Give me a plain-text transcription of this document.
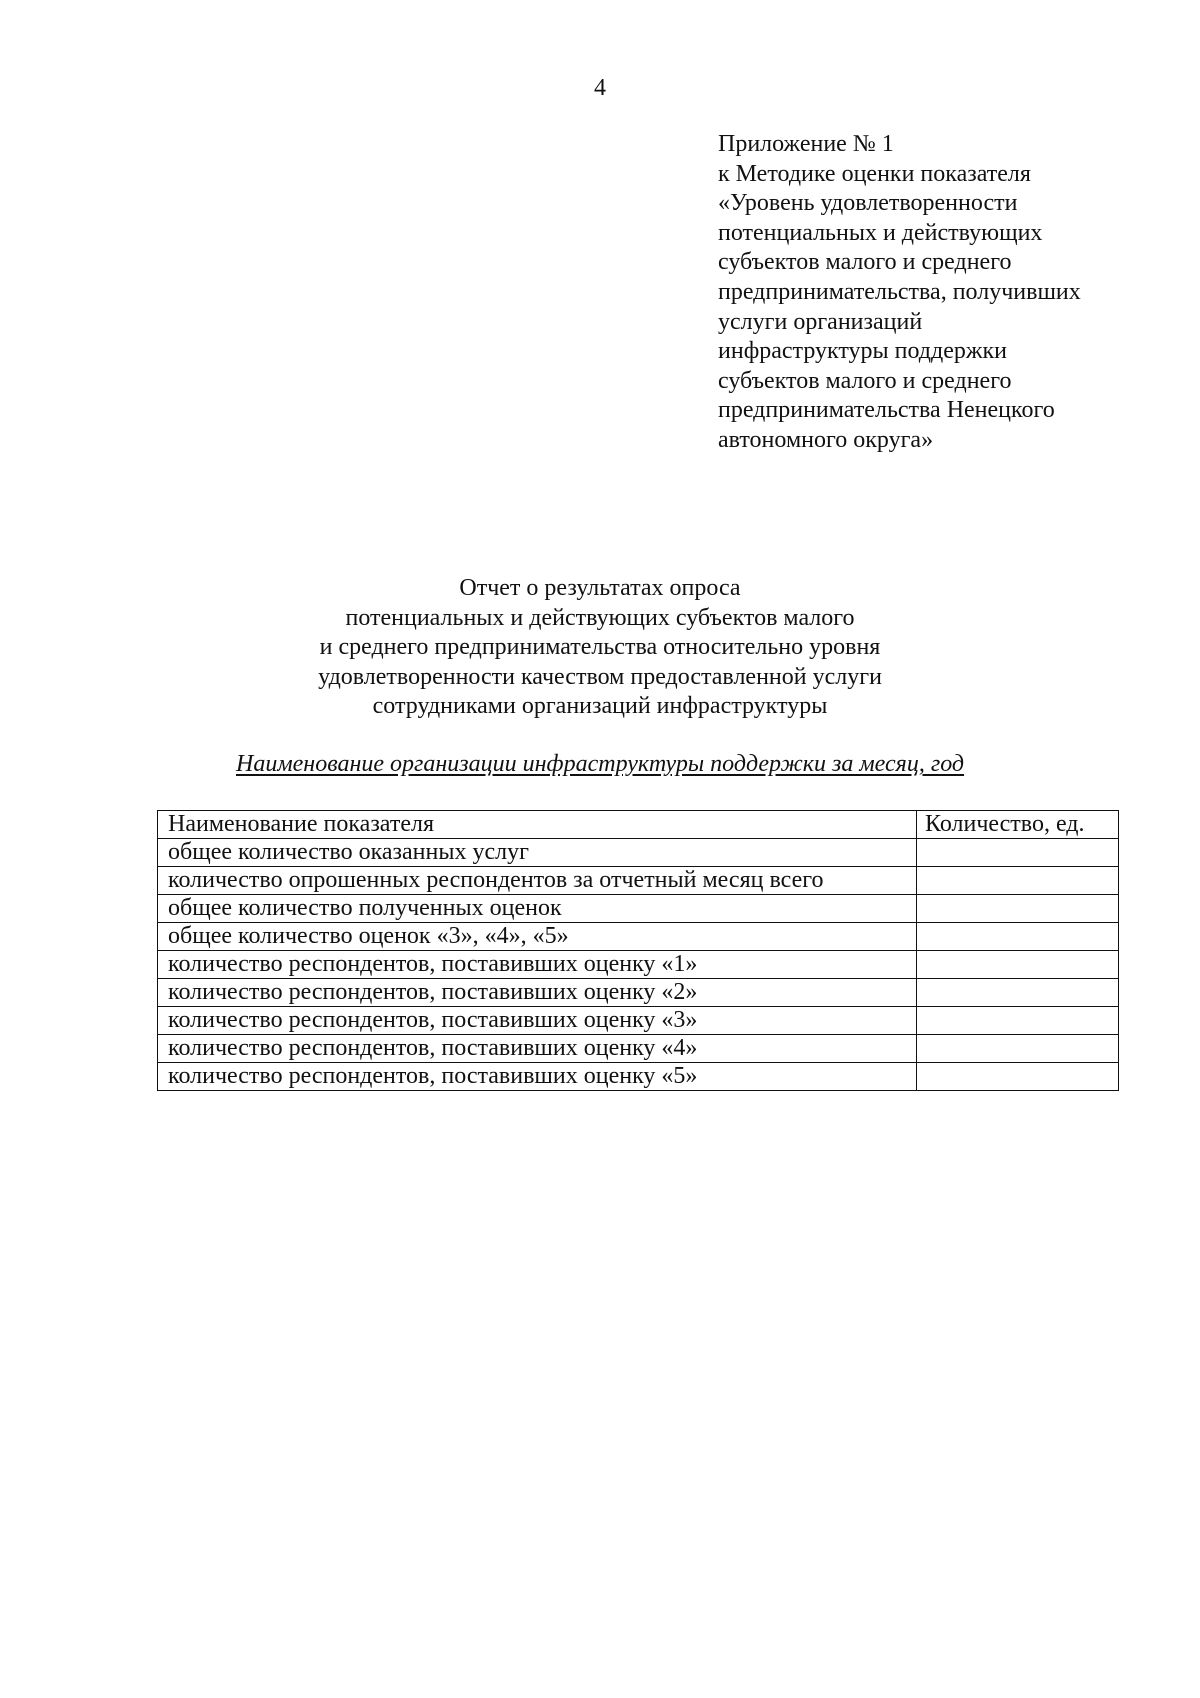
4
Приложение № 1
к Методике оценки показателя
«Уровень удовлетворенности
потенциальных и действующих
субъектов малого и среднего
предпринимательства, получивших
услуги организаций
инфраструктуры поддержки
субъектов малого и среднего
предпринимательства Ненецкого
автономного округа»
Отчет о результатах опроса
потенциальных и действующих субъектов малого
и среднего предпринимательства относительно уровня
удовлетворенности качеством предоставленной услуги
сотрудниками организаций инфраструктуры
Наименование организации инфраструктуры поддержки за месяц, год
Наименование показателя	Количество, ед.
общее количество оказанных услуг	
количество опрошенных респондентов за отчетный месяц всего	
общее количество полученных оценок	
общее количество оценок «3», «4», «5»	
количество респондентов, поставивших оценку «1»	
количество респондентов, поставивших оценку «2»	
количество респондентов, поставивших оценку «3»	
количество респондентов, поставивших оценку «4»	
количество респондентов, поставивших оценку «5»	
